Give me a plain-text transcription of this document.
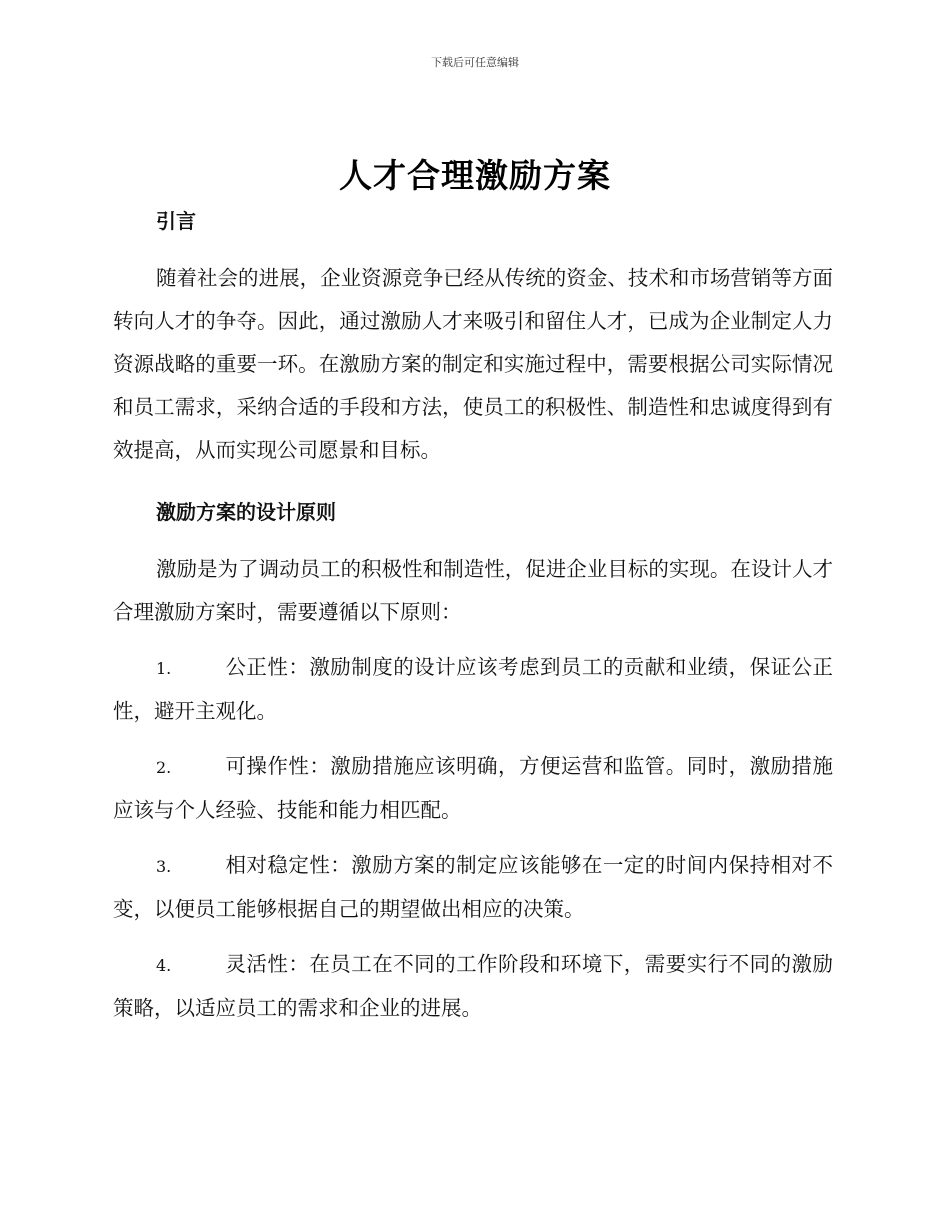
下载后可任意编辑
人才合理激励方案
引言

随着社会的进展，企业资源竞争已经从传统的资金、技术和市场营销等方面转向人才的争夺。因此，通过激励人才来吸引和留住人才，已成为企业制定人力资源战略的重要一环。在激励方案的制定和实施过程中，需要根据公司实际情况和员工需求，采纳合适的手段和方法，使员工的积极性、制造性和忠诚度得到有效提高，从而实现公司愿景和目标。

激励方案的设计原则

激励是为了调动员工的积极性和制造性，促进企业目标的实现。在设计人才合理激励方案时，需要遵循以下原则：

1.	公正性：激励制度的设计应该考虑到员工的贡献和业绩，保证公正性，避开主观化。

2.	可操作性：激励措施应该明确，方便运营和监管。同时，激励措施应该与个人经验、技能和能力相匹配。

3.	相对稳定性：激励方案的制定应该能够在一定的时间内保持相对不变，以便员工能够根据自己的期望做出相应的决策。

4.	灵活性：在员工在不同的工作阶段和环境下，需要实行不同的激励策略，以适应员工的需求和企业的进展。
